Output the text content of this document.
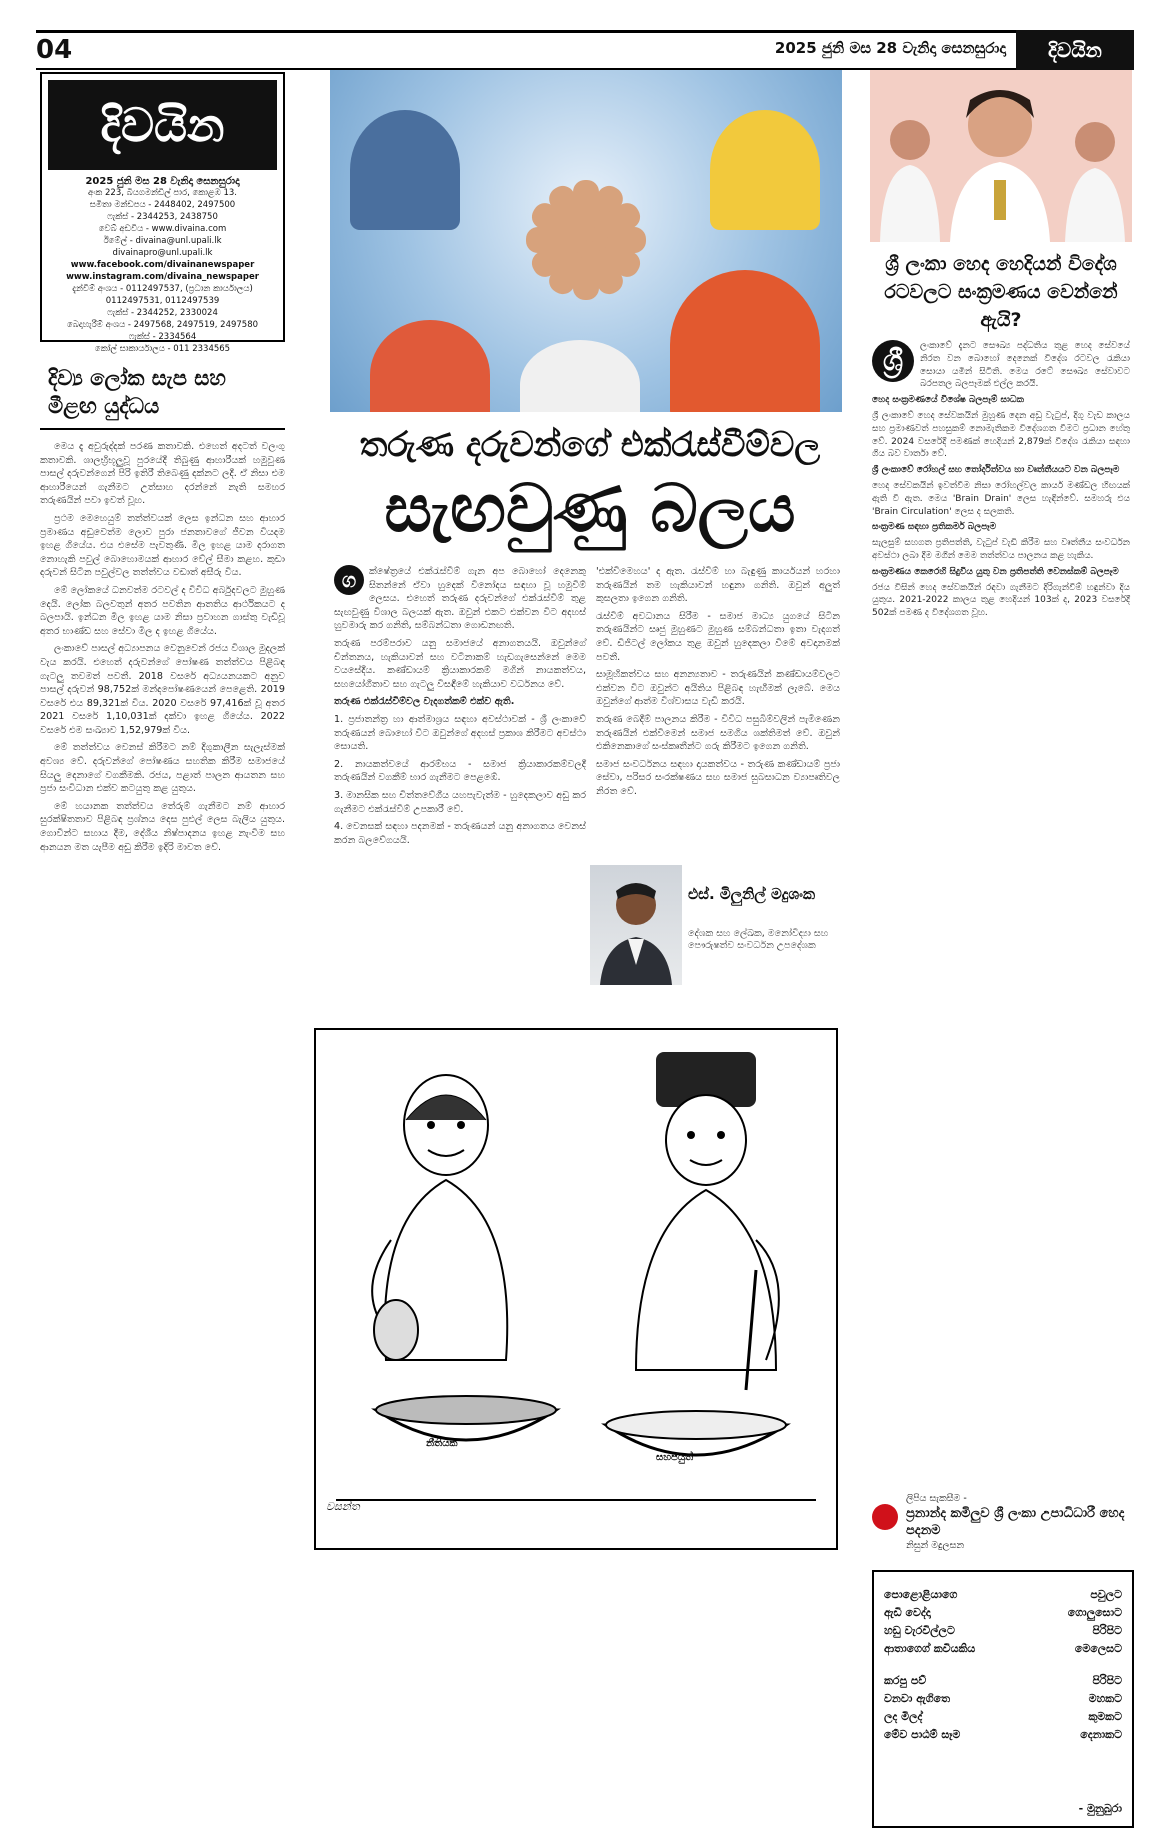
04	2025 ජුනි මස 28 වැනිදා සෙනසුරාදා	දිවයින
දිවයින
2025 ජුනි මස 28 වැනිදා සෙනසුරාදා
අංක 223, බියගමන්ඩිල් පාර, කොළඹ 13.
සමිතා මන්ඩපය - 2448402, 2497500
ෆැක්ස් - 2344253, 2438750
වෙබ් අඩවිය - www.divaina.com
ඊමේල් - divaina@unl.upali.lk
divainapro@unl.upali.lk
www.facebook.com/divainanewspaper
www.instagram.com/divaina_newspaper
දැන්වීම් අංශය - 0112497537, (ප්‍රධාන කාර්යාලය)
0112497531, 0112497539
ෆැක්ස් - 2344252, 2330024
බෙදාහැරීම් අංශය - 2497568, 2497519, 2497580
ෆැක්ස් - 2334564
කෝල් සාකාර්යාලය - 011 2334565
දිව්‍ය ලෝක සැප සහ මීළඟ යුද්ධය

මෙය දැ අවුරුද්දක් පරණ කතාවකි. එහෙත් අදටත් වලංගු කතාවකි. ශාලභ්‍රිභූලුවූ පුරයේදී තිබුණු ආහාරීයක් හමුවුණ පාසල් දරුවන්ගෙන් පිරි ඉතිරී තිබෙණු දක්නට ලදී. ඒ නිසා එම ආහාරීයෙන් ගැනීමට උත්සාහ දරන්නේ නැති සමහර තරුණයින් පවා ඉවත් වූහ.

ප්‍රථම මෙහෙයුම් තත්ත්වයක් ලෙස ඉන්ධන සහ ආහාර ප්‍රමාණය අඩුවෙත්ම ලොව පුරා ජනතාවගේ ජීවන වියදම ඉහළ ගියේය. එය එසේම පැවතුණි. මිල ඉහළ යාම දරාගත නොහැකි පවුල් බොහොමයක් ආහාර වේල් සීමා කළහ. කුඩා දරුවන් සිටින පවුල්වල තත්ත්වය වඩාත් අසීරු විය.

මේ ලෝකයේ ධනවත්ම රටවල් ද විවිධ අර්බුදවලට මුහුණ දෙයි. ලෝක බලවතුන් අතර පවතින ආතතිය ආර්ථිකයට ද බලපායි. ඉන්ධන මිල ඉහළ යාම නිසා ප්‍රවාහන ගාස්තු වැඩිවූ අතර භාණ්ඩ සහ සේවා මිල ද ඉහළ ගියේය.

ලංකාවේ පාසල් අධ්‍යාපනය වෙනුවෙන් රජය විශාල මුදලක් වැය කරයි. එහෙත් දරුවන්ගේ පෝෂණ තත්ත්වය පිළිබඳ ගැටලු තවමත් පවතී. 2018 වසරේ අධ්‍යයනයකට අනුව පාසල් දරුවන් 98,752ක් මන්දපෝෂණයෙන් පෙළෙති. 2019 වසරේ එය 89,321ක් විය. 2020 වසරේ 97,416ක් වූ අතර 2021 වසරේ 1,10,031ක් දක්වා ඉහළ ගියේය. 2022 වසරේ එම සංඛ්‍යාව 1,52,979ක් විය.

මේ තත්ත්වය වෙනස් කිරීමට නම් දිගුකාලීන සැලැස්මක් අවශ්‍ය වේ. දරුවන්ගේ පෝෂණය සහතික කිරීම සමාජයේ සියලු දෙනාගේ වගකීමකි. රජය, පළාත් පාලන ආයතන සහ ප්‍රජා සංවිධාන එක්ව කටයුතු කළ යුතුය.

මේ හයානක තත්ත්වය තේරුම් ගැනීමට නම් ආහාර සුරක්ෂිතතාව පිළිබඳ ප්‍රශ්නය දෙස පුළුල් ලෙස බැලිය යුතුය. ගොවීන්ට සහාය දීම, දේශීය නිෂ්පාදනය ඉහළ නැංවීම සහ ආනයන මත යැපීම අඩු කිරීම ඉදිරි මාවත වේ.

තරුණ දරුවන්ගේ එක්රැස්වීම්වල
සැඟවුණු බලය
ග	ක්ෂේත්‍රයේ එක්රැස්වීම් ගැන අප බොහෝ දෙනෙකු සිතන්නේ ඒවා හුදෙක් විනෝදය සඳහා වූ හමුවීම් ලෙසය. එහෙත් තරුණ දරුවන්ගේ එක්රැස්වීම් තුළ සැඟවුණු විශාල බලයක් ඇත. ඔවුන් එකට එක්වන විට අදහස් හුවමාරු කර ගනිති, සම්බන්ධතා ගොඩනඟති.

තරුණ පරම්පරාව යනු සමාජයේ අනාගතයයි. ඔවුන්ගේ චින්තනය, හැකියාවන් සහ වටිනාකම් හැඩගැසෙන්නේ මෙම වයසේදීය. කණ්ඩායම් ක්‍රියාකාරකම් මගින් නායකත්වය, සහයෝගීතාව සහ ගැටලු විසඳීමේ හැකියාව වර්ධනය වේ.

තරුණ එක්රැස්වීම්වල වැදගත්කම් එක්ව ඇති.

1. ප්‍රජාතන්ත්‍ර හා ආත්මාශ්‍රය සඳහා අවස්ථාවක් - ශ්‍රී ලංකාවේ තරුණයන් බොහෝ විට ඔවුන්ගේ අදහස් ප්‍රකාශ කිරීමට අවස්ථා සොයති.

2. නායකත්වයේ ආරම්භය - සමාජ ක්‍රියාකාරකම්වලදී තරුණයින් වගකීම් භාර ගැනීමට පෙළඹේ.

3. මානසික සහ චිත්තවේගීය යහපැවැත්ම - හුදෙකලාව අඩු කර ගැනීමට එක්රැස්වීම් උපකාරී වේ.

4. වෙනසක් සඳහා පදනමක් - තරුණයන් යනු අනාගතය වෙනස් කරන බලවේගයයි.

'එක්වීමෙහය' ද ඇත. රැස්වීම් හා බැඳුණු කාර්යයන් හරහා තරුණයින් තම හැකියාවන් හඳුනා ගනිති. ඔවුන් අලුත් කුසලතා ඉගෙන ගනිති.

රැස්වීම් අවධානය සිරීම - සමාජ මාධ්‍ය යුගයේ සිටින තරුණයින්ට සෘජු මුහුණට මුහුණ සම්බන්ධතා ඉතා වැදගත් වේ. ඩිජිටල් ලෝකය තුළ ඔවුන් හුදෙකලා වීමේ අවදානමක් පවතී.

සාමූහිකත්වය සහ අනන්‍යතාව - තරුණයින් කණ්ඩායම්වලට එක්වන විට ඔවුන්ට අයිතිය පිළිබඳ හැඟීමක් ලැබේ. මෙය ඔවුන්ගේ ආත්ම විශ්වාසය වැඩි කරයි.

තරුණ බෙදීම් පාලනය කිරීම - විවිධ පසුබිම්වලින් පැමිණෙන තරුණයින් එක්වීමෙන් සමාජ සමගිය ශක්තිමත් වේ. ඔවුන් එකිනෙකාගේ සංස්කෘතීන්ට ගරු කිරීමට ඉගෙන ගනිති.

සමාජ සංවර්ධනය සඳහා දායකත්වය - තරුණ කණ්ඩායම් ප්‍රජා සේවා, පරිසර සංරක්ෂණය සහ සමාජ සුබසාධන ව්‍යාපෘතිවල නිරත වේ.

එස්. මිලුනිල් මදුශංක
දේශක සහ ලේඛක, මනෝවිද්‍යා සහ පෞරුෂත්ව සංවර්ධන උපදේශක
නීතියක
සහජයුත්
වසන්ත
ශ්‍රී ලංකා හෙද හෙදියන් විදේශ රටවලට සංක්‍රමණය වෙන්නේ ඇයි?
ශ්‍රී	ලංකාවේ දැනට සෞඛ්‍ය පද්ධතිය තුළ හෙද සේවයේ නිරත වන බොහෝ දෙනෙක් විදේශ රටවල රැකියා සොයා යමින් සිටිති. මෙය රටේ සෞඛ්‍ය සේවාවට බරපතල බලපෑමක් එල්ල කරයි.

හෙද සංක්‍රමණයේ විශේෂ බලපෑම් සාධක

ශ්‍රී ලංකාවේ හෙද සේවකයින් මුහුණ දෙන අඩු වැටුප්, දිගු වැඩ කාලය සහ ප්‍රමාණවත් පහසුකම් නොමැතිකම විදේශගත වීමට ප්‍රධාන හේතු වේ. 2024 වසරේදී පමණක් හෙදියන් 2,879ක් විදේශ රැකියා සඳහා ගිය බව වාර්තා වේ.

ශ්‍රී ලංකාවේ රෝහල් සහ තෝර්දිත්වය හා වෘත්තීයයට වන බලපෑම

හෙද සේවකයින් ඉවත්වීම නිසා රෝහල්වල කාර්ය මණ්ඩල හිඟයක් ඇති වී ඇත. මෙය 'Brain Drain' ලෙස හැඳින්වේ. සමහරු එය 'Brain Circulation' ලෙස ද සලකති.

සංක්‍රමණ සඳහා ප්‍රතිකර්ම බලපෑම

සැලසුම් සහගත ප්‍රතිපත්ති, වැටුප් වැඩි කිරීම සහ වෘත්තීය සංවර්ධන අවස්ථා ලබා දීම මගින් මෙම තත්ත්වය පාලනය කළ හැකිය.

සංක්‍රමණය කෙරෙහි සිදුවිය යුතු වන ප්‍රතිපත්ති වෙනස්කම් බලපෑම

රජය විසින් හෙද සේවකයින් රඳවා ගැනීමට දිරිගැන්වීම් හඳුන්වා දිය යුතුය. 2021-2022 කාලය තුළ හෙදියන් 103ක් ද, 2023 වසරේදී 502ක් පමණ ද විදේශගත වූහ.

ලිපිය සැකසීම -
ප්‍රනාන්ද කමිලුව ශ්‍රී ලංකා උපාධිධාරී හෙද පදනම
නිසුන් මදුලසන
පොළොළියාගෙ	පවුලට
ඇඩි වෙද්දා	ගොලුසොට
හඩු වැරවිල්ලට	පිරිපිට
ආතාගෙග් කවියකිය	මෙලෙසට
කරපු පව්	පිරිපිට
වනවා ඇගිතෙ	මහකට
ලද මිලද්	කුමකට
මේව පාඨම් සෑම	දෙනාකට
- මුනුබුරා
